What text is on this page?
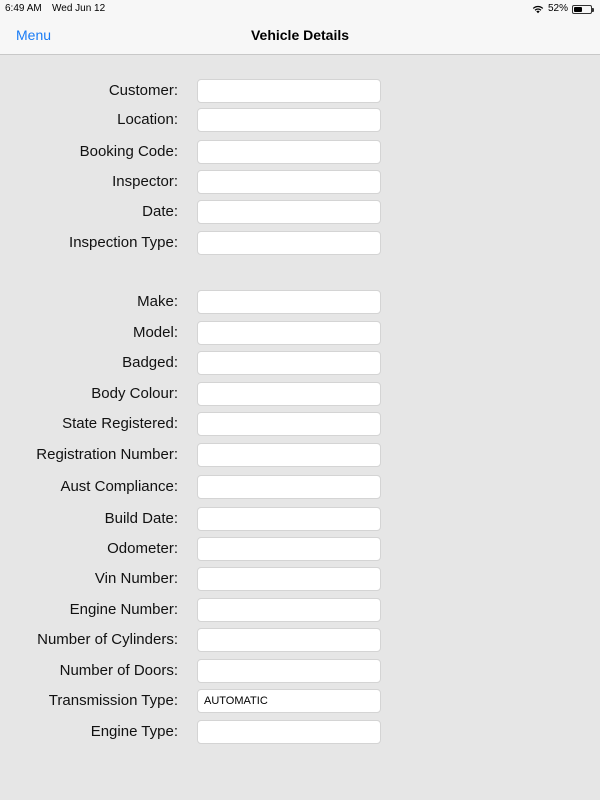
6:49 AM Wed Jun 12	52%
Menu	Vehicle Details
Customer:
Location:
Booking Code:
Inspector:
Date:
Inspection Type:
Make:
Model:
Badged:
Body Colour:
State Registered:
Registration Number:
Aust Compliance:
Build Date:
Odometer:
Vin Number:
Engine Number:
Number of Cylinders:
Number of Doors:
Transmission Type:
AUTOMATIC
Engine Type:
